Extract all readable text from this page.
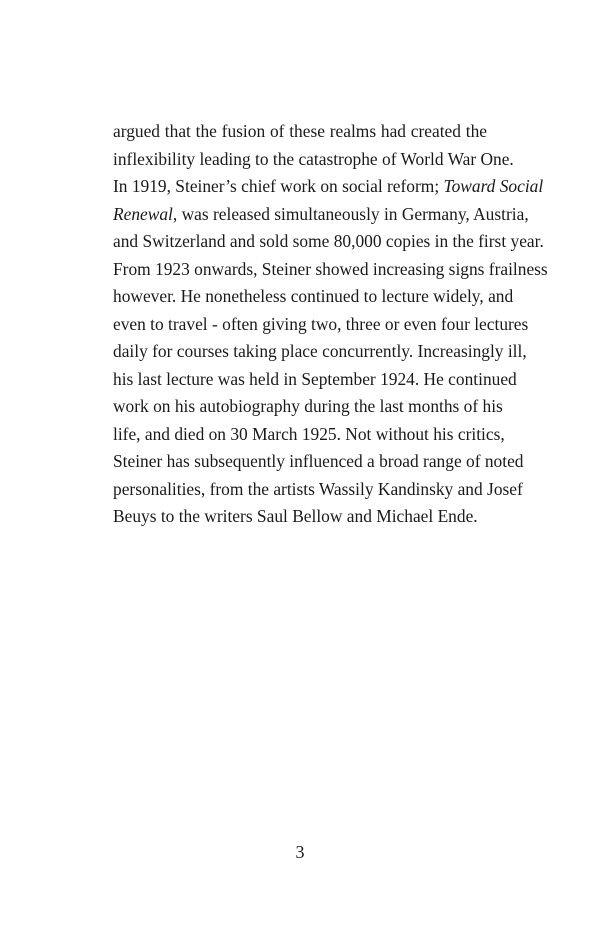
argued that the fusion of these realms had created the
inflexibility leading to the catastrophe of World War One.
In 1919, Steiner’s chief work on social reform; Toward Social
Renewal, was released simultaneously in Germany, Austria,
and Switzerland and sold some 80,000 copies in the first year.
From 1923 onwards, Steiner showed increasing signs frailness
however. He nonetheless continued to lecture widely, and
even to travel - often giving two, three or even four lectures
daily for courses taking place concurrently. Increasingly ill,
his last lecture was held in September 1924. He continued
work on his autobiography during the last months of his
life, and died on 30 March 1925. Not without his critics,
Steiner has subsequently influenced a broad range of noted
personalities, from the artists Wassily Kandinsky and Josef
Beuys to the writers Saul Bellow and Michael Ende.
3
